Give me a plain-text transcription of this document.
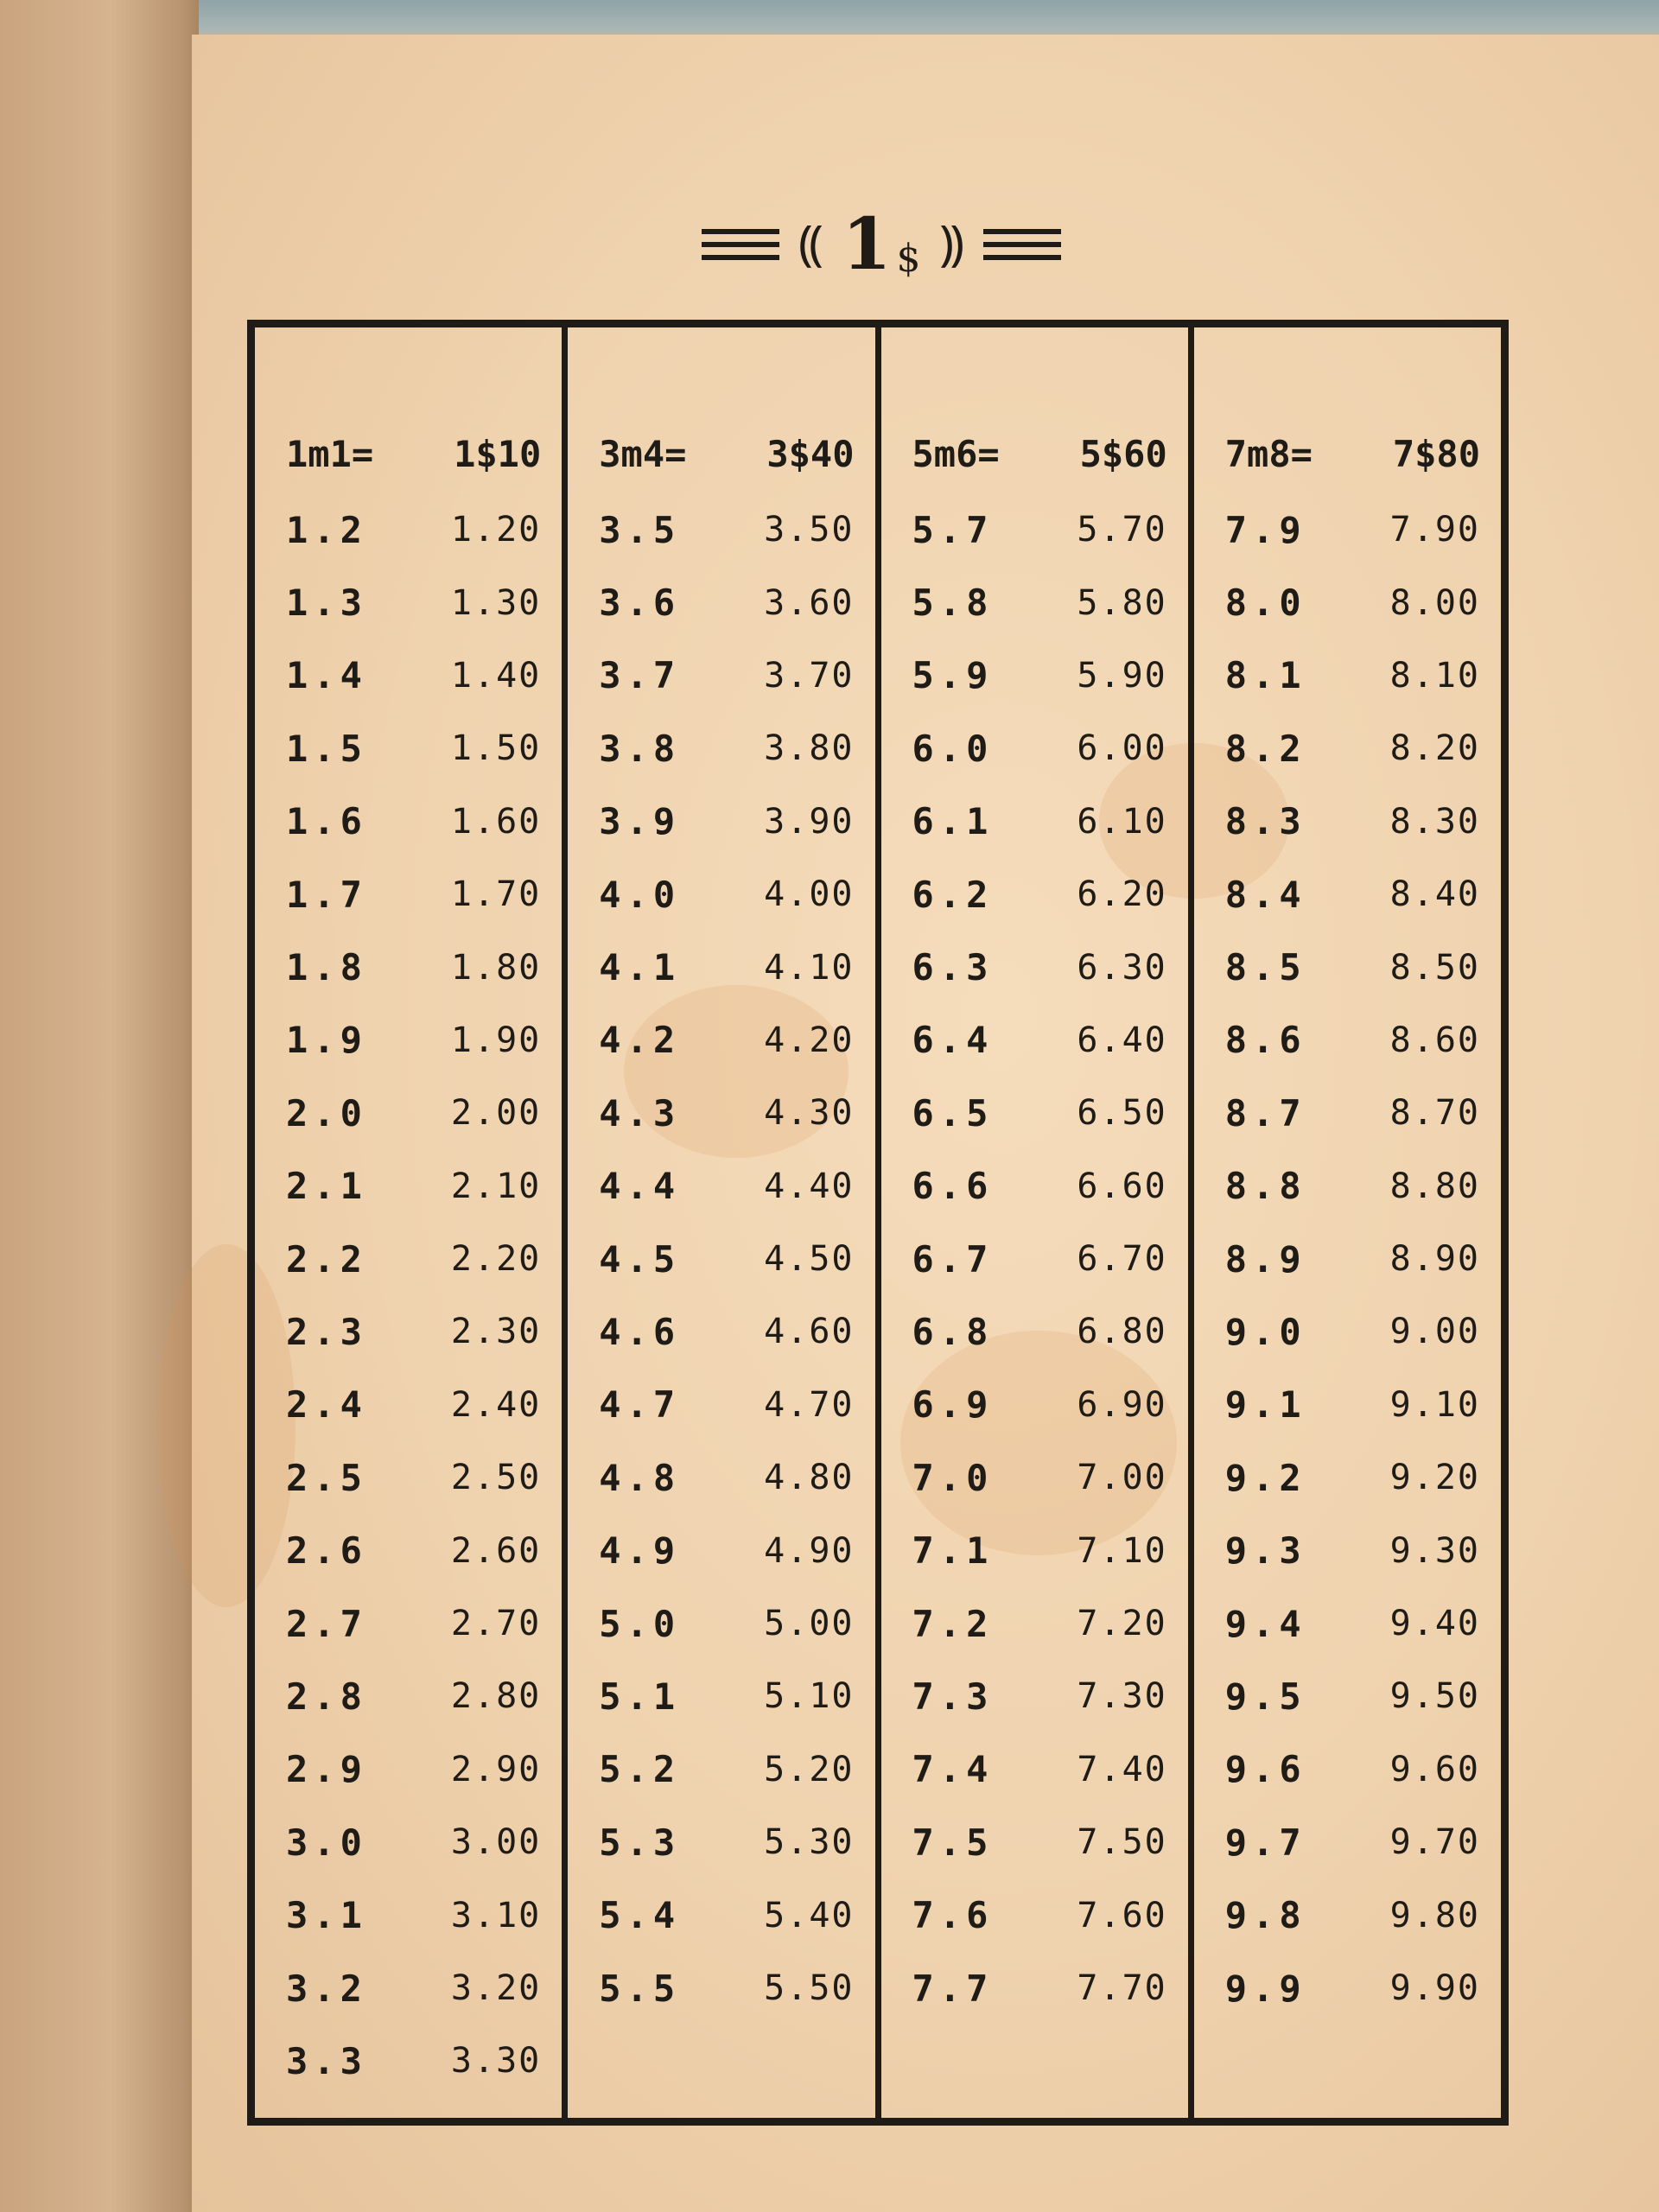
⸨ 1 $ ⸩
1m1= 1$10
1.2 1.20
1.3 1.30
1.4 1.40
1.5 1.50
1.6 1.60
1.7 1.70
1.8 1.80
1.9 1.90
2.0 2.00
2.1 2.10
2.2 2.20
2.3 2.30
2.4 2.40
2.5 2.50
2.6 2.60
2.7 2.70
2.8 2.80
2.9 2.90
3.0 3.00
3.1 3.10
3.2 3.20
3.3 3.30
3m4= 3$40
3.5 3.50
3.6 3.60
3.7 3.70
3.8 3.80
3.9 3.90
4.0 4.00
4.1 4.10
4.2 4.20
4.3 4.30
4.4 4.40
4.5 4.50
4.6 4.60
4.7 4.70
4.8 4.80
4.9 4.90
5.0 5.00
5.1 5.10
5.2 5.20
5.3 5.30
5.4 5.40
5.5 5.50
5m6= 5$60
5.7 5.70
5.8 5.80
5.9 5.90
6.0 6.00
6.1 6.10
6.2 6.20
6.3 6.30
6.4 6.40
6.5 6.50
6.6 6.60
6.7 6.70
6.8 6.80
6.9 6.90
7.0 7.00
7.1 7.10
7.2 7.20
7.3 7.30
7.4 7.40
7.5 7.50
7.6 7.60
7.7 7.70
7m8= 7$80
7.9 7.90
8.0 8.00
8.1 8.10
8.2 8.20
8.3 8.30
8.4 8.40
8.5 8.50
8.6 8.60
8.7 8.70
8.8 8.80
8.9 8.90
9.0 9.00
9.1 9.10
9.2 9.20
9.3 9.30
9.4 9.40
9.5 9.50
9.6 9.60
9.7 9.70
9.8 9.80
9.9 9.90
